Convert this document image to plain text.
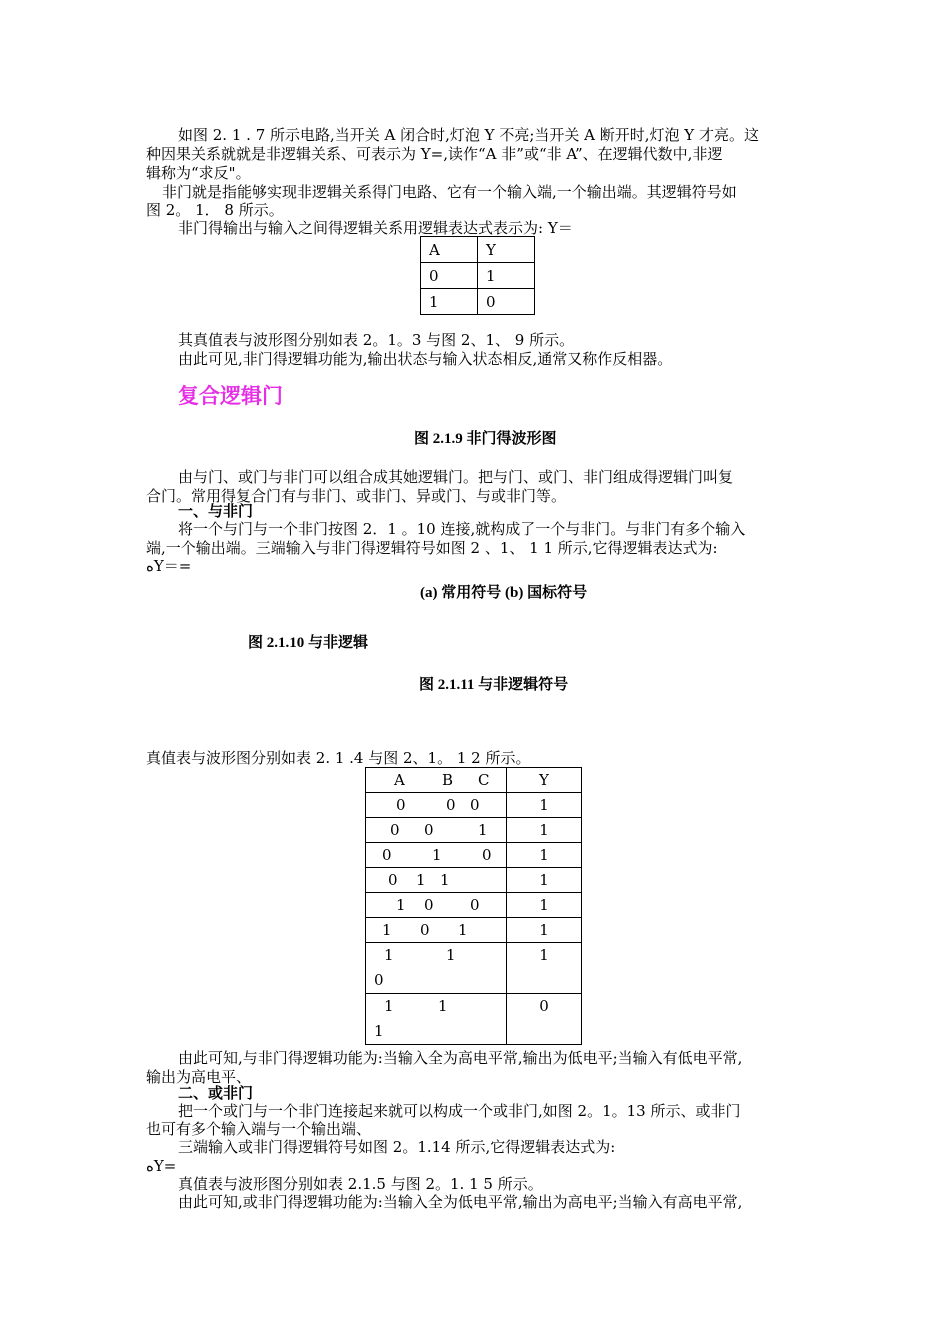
如图 2. 1 . 7 所示电路,当开关 A 闭合时,灯泡 Y 不亮;当开关 A 断开时,灯泡 Y 才亮。这
种因果关系就就是非逻辑关系、可表示为 Y=,读作“A 非”或“非 A”、在逻辑代数中,非逻
辑称为“求反"。
非门就是指能够实现非逻辑关系得门电路、它有一个输入端,一个输出端。其逻辑符号如
图 2。 1． 8 所示。
非门得输出与输入之间得逻辑关系用逻辑表达式表示为: Y＝
A	Y
0	1
1	0
其真值表与波形图分别如表 2。1。3 与图 2、1、 9 所示。
由此可见,非门得逻辑功能为,输出状态与输入状态相反,通常又称作反相器。
复合逻辑门
图 2.1.9 非门得波形图
由与门、或门与非门可以组合成其她逻辑门。把与门、或门、非门组成得逻辑门叫复
合门。常用得复合门有与非门、或非门、异或门、与或非门等。
一、与非门
将一个与门与一个非门按图 2．1 。10 连接,就构成了一个与非门。与非门有多个输入
端,一个输出端。三端输入与非门得逻辑符号如图 2 、1、 1 1 所示,它得逻辑表达式为:
ﻩY＝=
(a) 常用符号 (b) 国标符号
图 2.1.10 与非逻辑
图 2.1.11 与非逻辑符号
真值表与波形图分别如表 2. 1 .4 与图 2、1。 1 2 所示。
A B C	Y

0 0 0	1

0 0 1	1

0 1 0	1

0 1 1	1

1 0 0	1

1 0 1	1

1 1
0	1

1 1
1	0
由此可知,与非门得逻辑功能为:当输入全为高电平常,输出为低电平;当输入有低电平常,
输出为高电平、
二、或非门
把一个或门与一个非门连接起来就可以构成一个或非门,如图 2。1。13 所示、或非门
也可有多个输入端与一个输出端、
三端输入或非门得逻辑符号如图 2。1.14 所示,它得逻辑表达式为:
ﻩY=
真值表与波形图分别如表 2.1.5 与图 2。1. 1 5 所示。
由此可知,或非门得逻辑功能为:当输入全为低电平常,输出为高电平;当输入有高电平常,
